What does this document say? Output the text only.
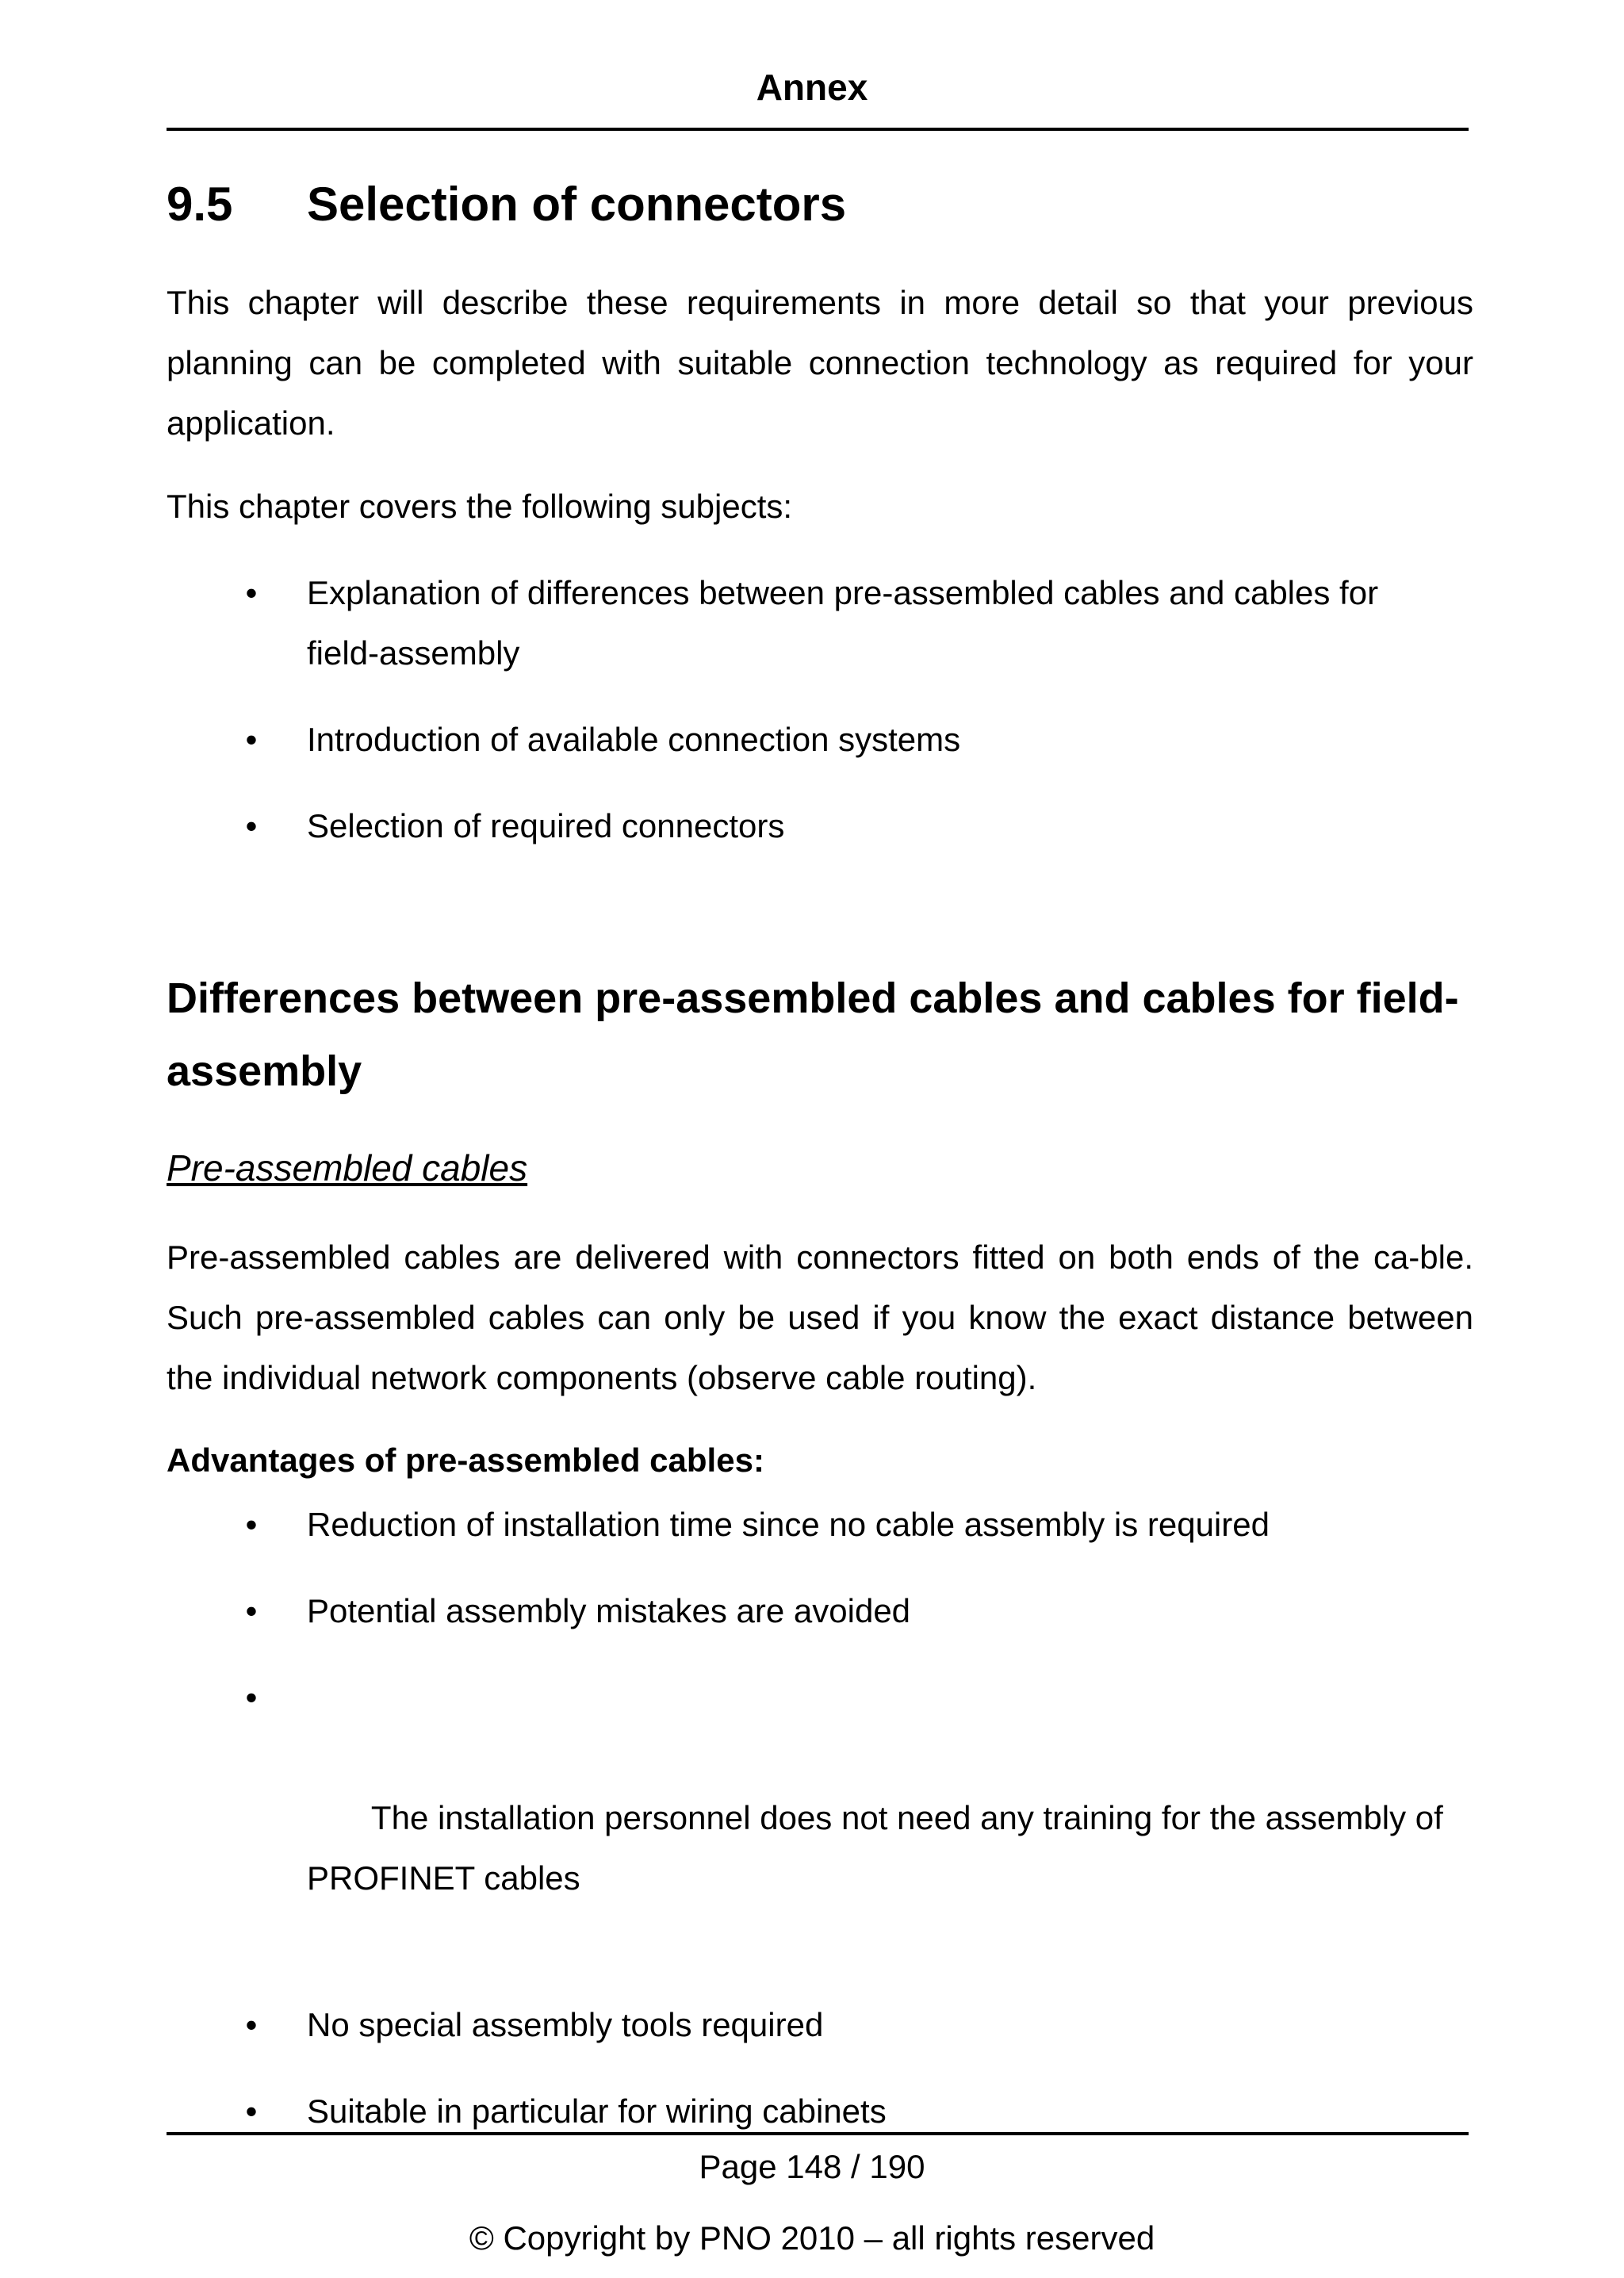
Annex
9.5 Selection of connectors

This chapter will describe these requirements in more detail so that your previous planning can be completed with suitable connection technology as required for your application.

This chapter covers the following subjects:

• Explanation of differences between pre-assembled cables and cables for field-assembly
• Introduction of available connection systems
• Selection of required connectors
Differences between pre-assembled cables and cables for field-assembly
Pre-assembled cables

Pre-assembled cables are delivered with connectors fitted on both ends of the ca-ble. Such pre-assembled cables can only be used if you know the exact distance between the individual network components (observe cable routing).

Advantages of pre-assembled cables:
• Reduction of installation time since no cable assembly is required
• Potential assembly mistakes are avoided

•

The installation personnel does not need any training for the assembly of PROFINET cables

• No special assembly tools required
• Suitable in particular for wiring cabinets
Page 148 / 190
© Copyright by PNO 2010 – all rights reserved
